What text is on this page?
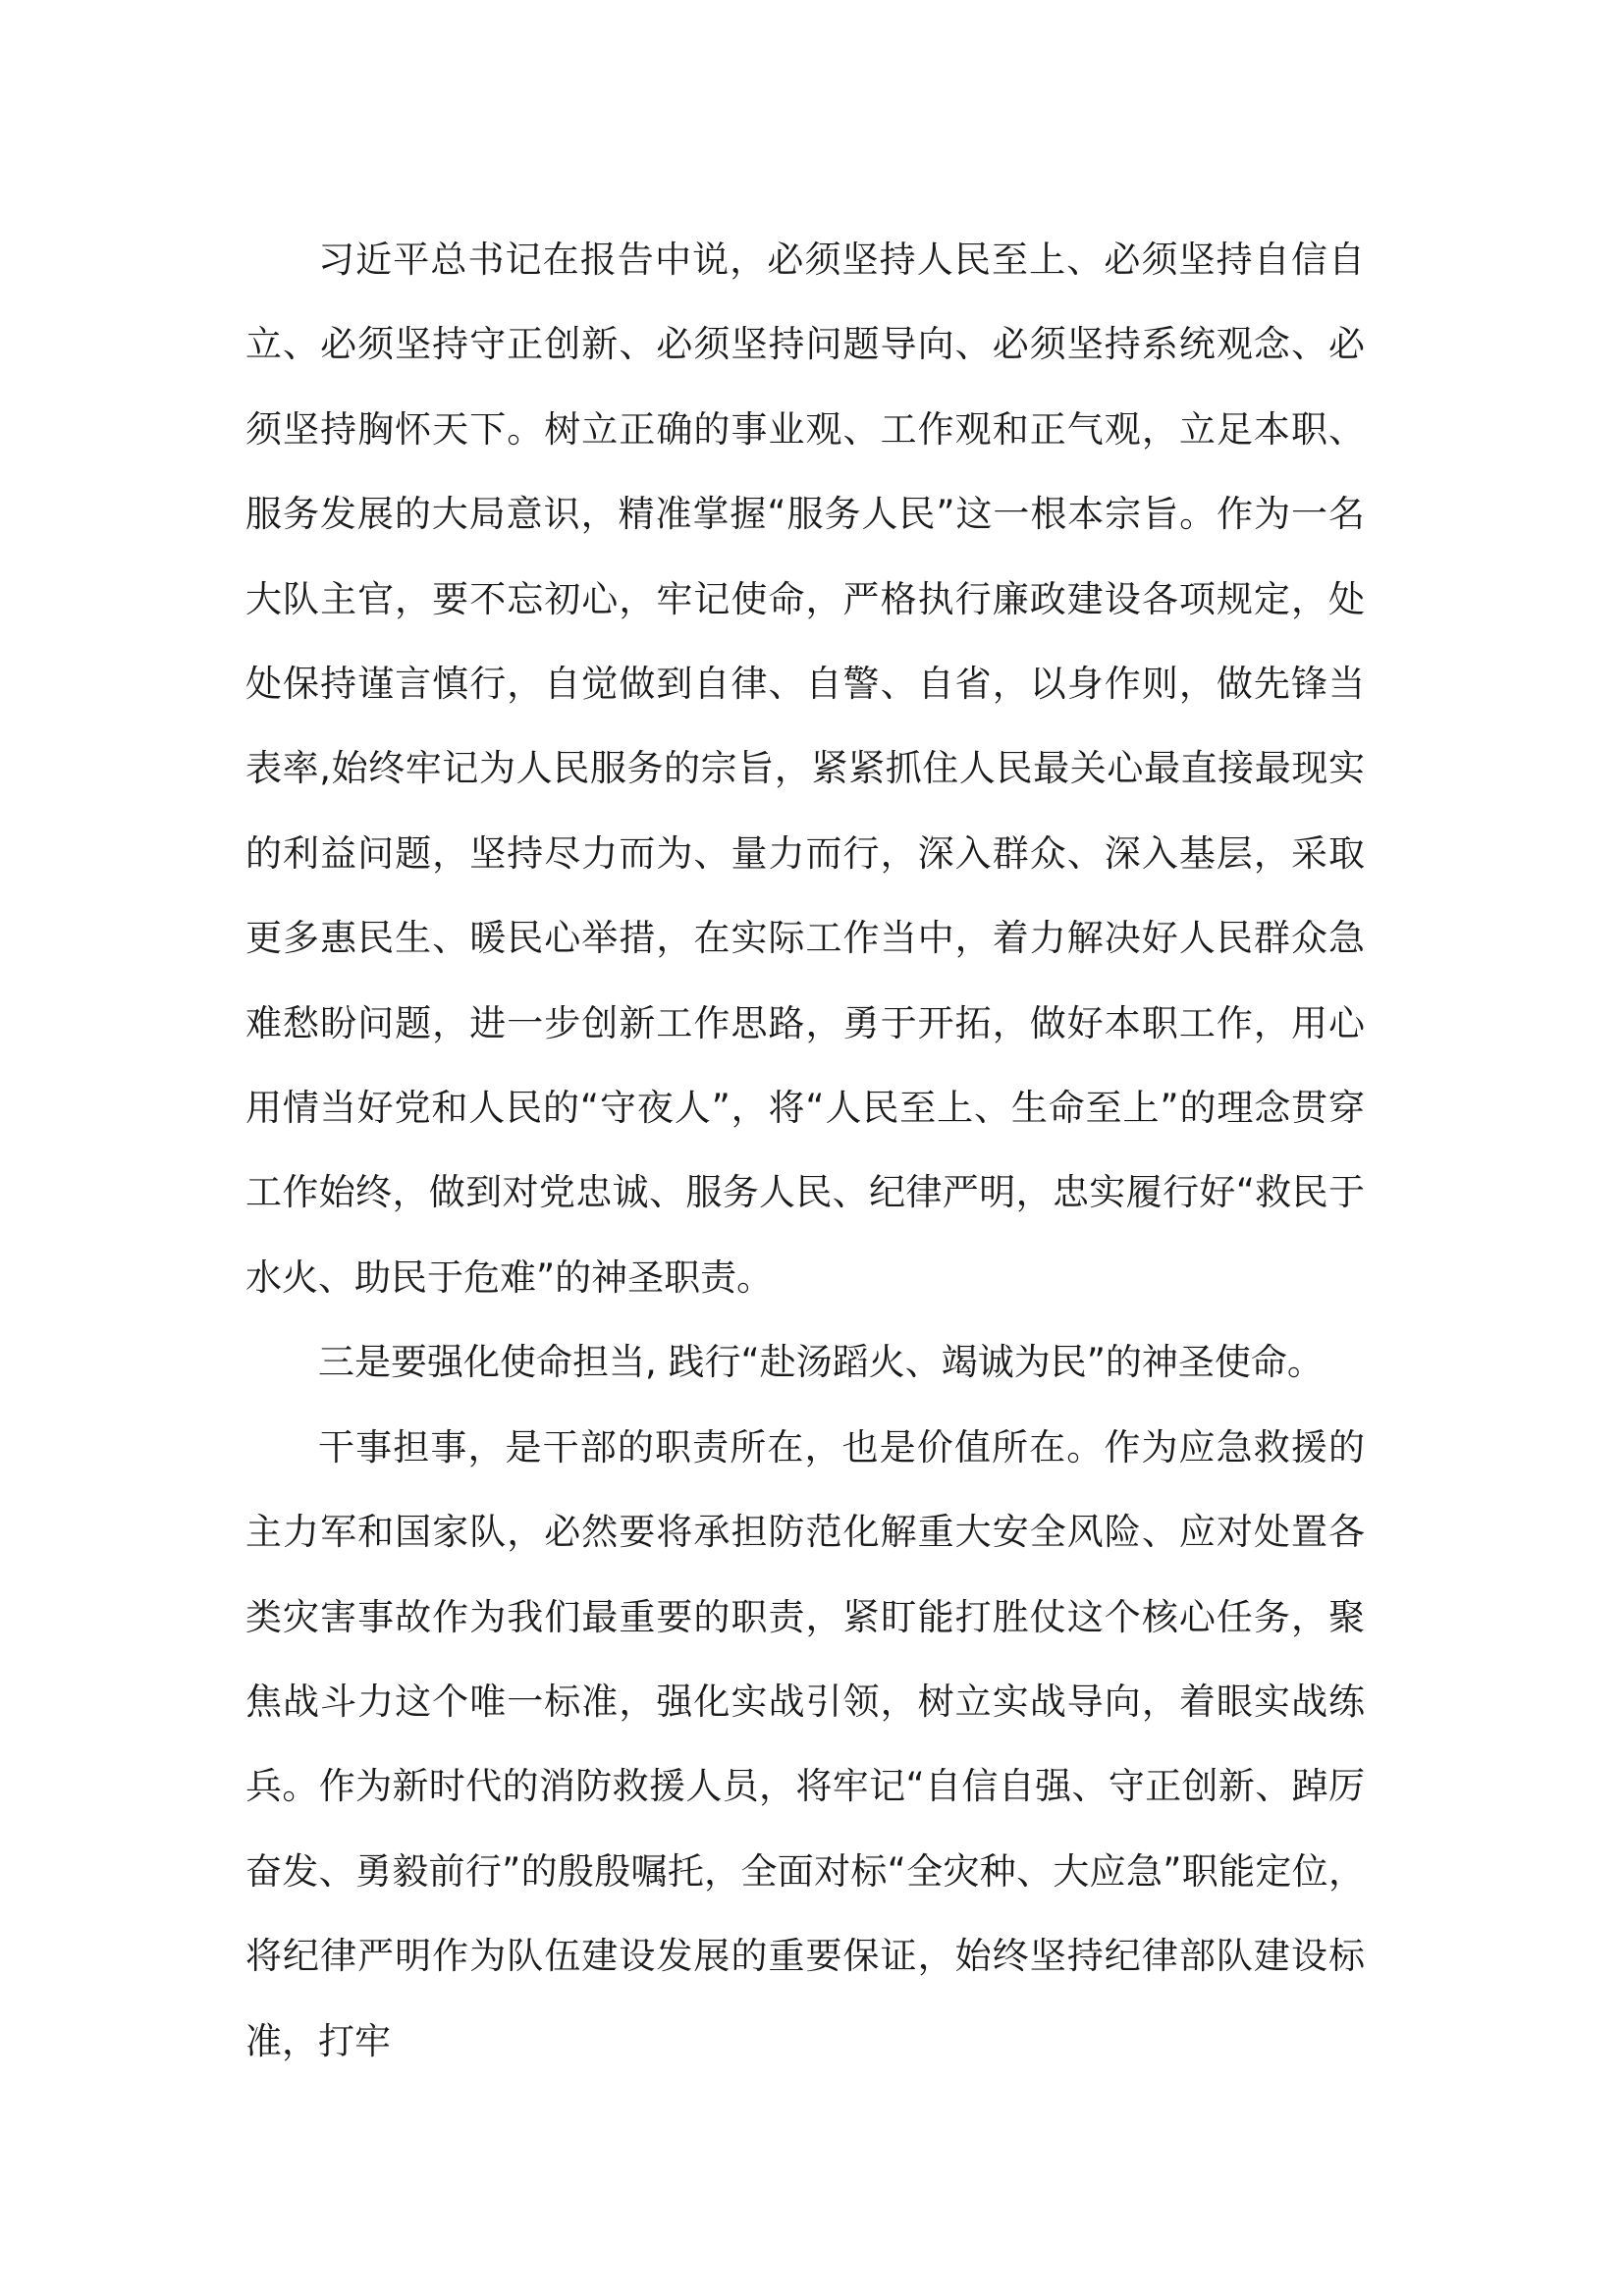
习近平总书记在报告中说，必须坚持人民至上、必须坚持自信自立、必须坚持守正创新、必须坚持问题导向、必须坚持系统观念、必须坚持胸怀天下。树立正确的事业观、工作观和正气观，立足本职、服务发展的大局意识，精准掌握“服务人民”这一根本宗旨。作为一名大队主官，要不忘初心，牢记使命，严格执行廉政建设各项规定，处处保持谨言慎行，自觉做到自律、自警、自省，以身作则，做先锋当表率,始终牢记为人民服务的宗旨，紧紧抓住人民最关心最直接最现实的利益问题，坚持尽力而为、量力而行，深入群众、深入基层，采取更多惠民生、暖民心举措，在实际工作当中，着力解决好人民群众急难愁盼问题，进一步创新工作思路，勇于开拓，做好本职工作，用心用情当好党和人民的“守夜人”，将“人民至上、生命至上”的理念贯穿工作始终，做到对党忠诚、服务人民、纪律严明，忠实履行好“救民于水火、助民于危难”的神圣职责。

三是要强化使命担当, 践行“赴汤蹈火、竭诚为民”的神圣使命。

干事担事，是干部的职责所在，也是价值所在。作为应急救援的主力军和国家队，必然要将承担防范化解重大安全风险、应对处置各类灾害事故作为我们最重要的职责，紧盯能打胜仗这个核心任务，聚焦战斗力这个唯一标准，强化实战引领，树立实战导向，着眼实战练兵。作为新时代的消防救援人员，将牢记“自信自强、守正创新、踔厉奋发、勇毅前行”的殷殷嘱托，全面对标“全灾种、大应急”职能定位，将纪律严明作为队伍建设发展的重要保证，始终坚持纪律部队建设标准，打牢
